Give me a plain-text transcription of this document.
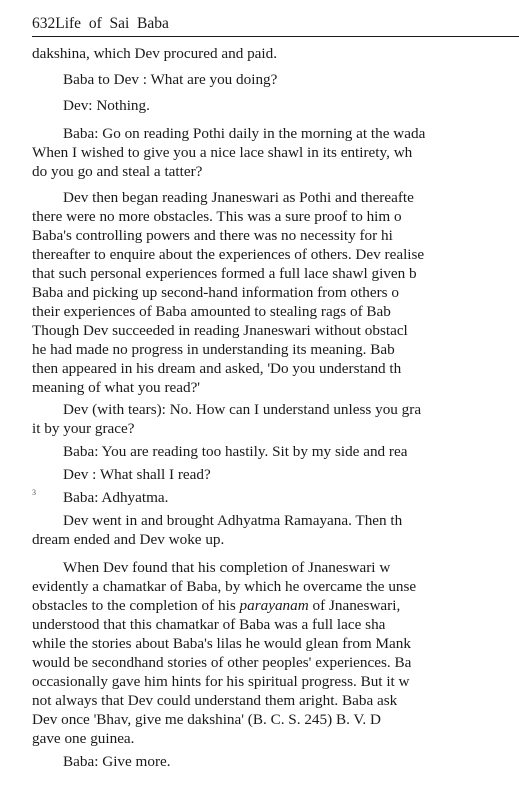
632Life  of  Sai  Baba
3
dakshina, which Dev procured and paid.
Baba to Dev : What are you doing?
Dev: Nothing.
Baba: Go on reading Pothi daily in the morning at the wada
When I wished to give you a nice lace shawl in its entirety, wh
do you go and steal a tatter?
Dev then began reading Jnaneswari as Pothi and thereafte
there were no more obstacles. This was a sure proof to him o
Baba's controlling powers and there was no necessity for hi
thereafter to enquire about the experiences of others. Dev realise
that such personal experiences formed a full lace shawl given b
Baba and picking up second-hand information from others o
their experiences of Baba amounted to stealing rags of Bab
Though Dev succeeded in reading Jnaneswari without obstacl
he had made no progress in understanding its meaning. Bab
then appeared in his dream and asked, 'Do you understand th
meaning of what you read?'
Dev (with tears): No. How can I understand unless you gra
it by your grace?
Baba: You are reading too hastily. Sit by my side and rea
Dev : What shall I read?
Baba: Adhyatma.
Dev went in and brought Adhyatma Ramayana. Then th
dream ended and Dev woke up.
When Dev found that his completion of Jnaneswari w
evidently a chamatkar of Baba, by which he overcame the unse
obstacles to the completion of his parayanam of Jnaneswari,
understood that this chamatkar of Baba was a full lace sha
while the stories about Baba's lilas he would glean from Mank
would be secondhand stories of other peoples' experiences. Ba
occasionally gave him hints for his spiritual progress. But it w
not always that Dev could understand them aright. Baba ask
Dev once 'Bhav, give me dakshina' (B. C. S. 245) B. V. D
gave one guinea.
Baba: Give more.
